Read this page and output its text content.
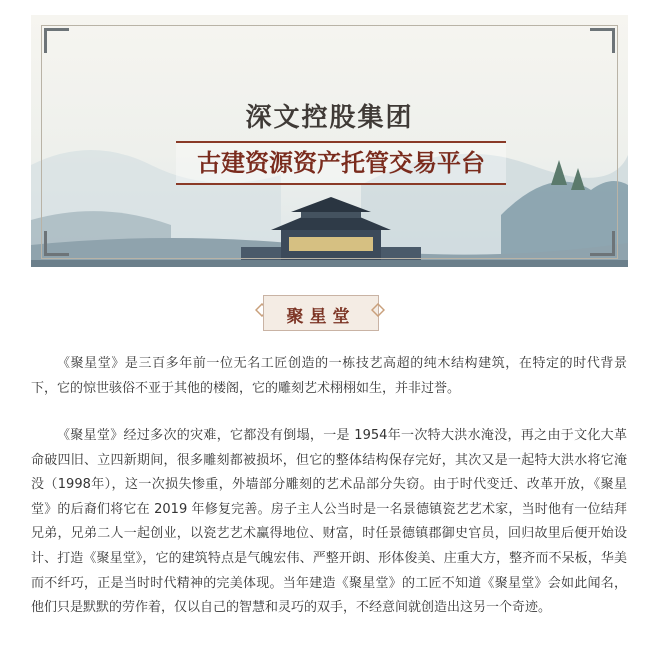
深文控股集团
古建资源资产托管交易平台
聚星堂

《聚星堂》是三百多年前一位无名工匠创造的一栋技艺高超的纯木结构建筑，在特定的时代背景下，它的惊世骇俗不亚于其他的楼阁，它的雕刻艺术栩栩如生，并非过誉。

《聚星堂》经过多次的灾难，它都没有倒塌，一是 1954年一次特大洪水淹没，再之由于文化大革命破四旧、立四新期间，很多雕刻都被损坏，但它的整体结构保存完好，其次又是一起特大洪水将它淹没（1998年），这一次损失惨重，外墙部分雕刻的艺术品部分失窃。由于时代变迁、改革开放，《聚星堂》的后裔们将它在 2019 年修复完善。房子主人公当时是一名景德镇瓷艺艺术家，当时他有一位结拜兄弟，兄弟二人一起创业，以瓷艺艺术赢得地位、财富，时任景德镇郡御史官员，回归故里后便开始设计、打造《聚星堂》，它的建筑特点是气魄宏伟、严整开朗、形体俊美、庄重大方，整齐而不呆板，华美而不纤巧，正是当时时代精神的完美体现。当年建造《聚星堂》的工匠不知道《聚星堂》会如此闻名，他们只是默默的劳作着，仅以自己的智慧和灵巧的双手，不经意间就创造出这另一个奇迹。
